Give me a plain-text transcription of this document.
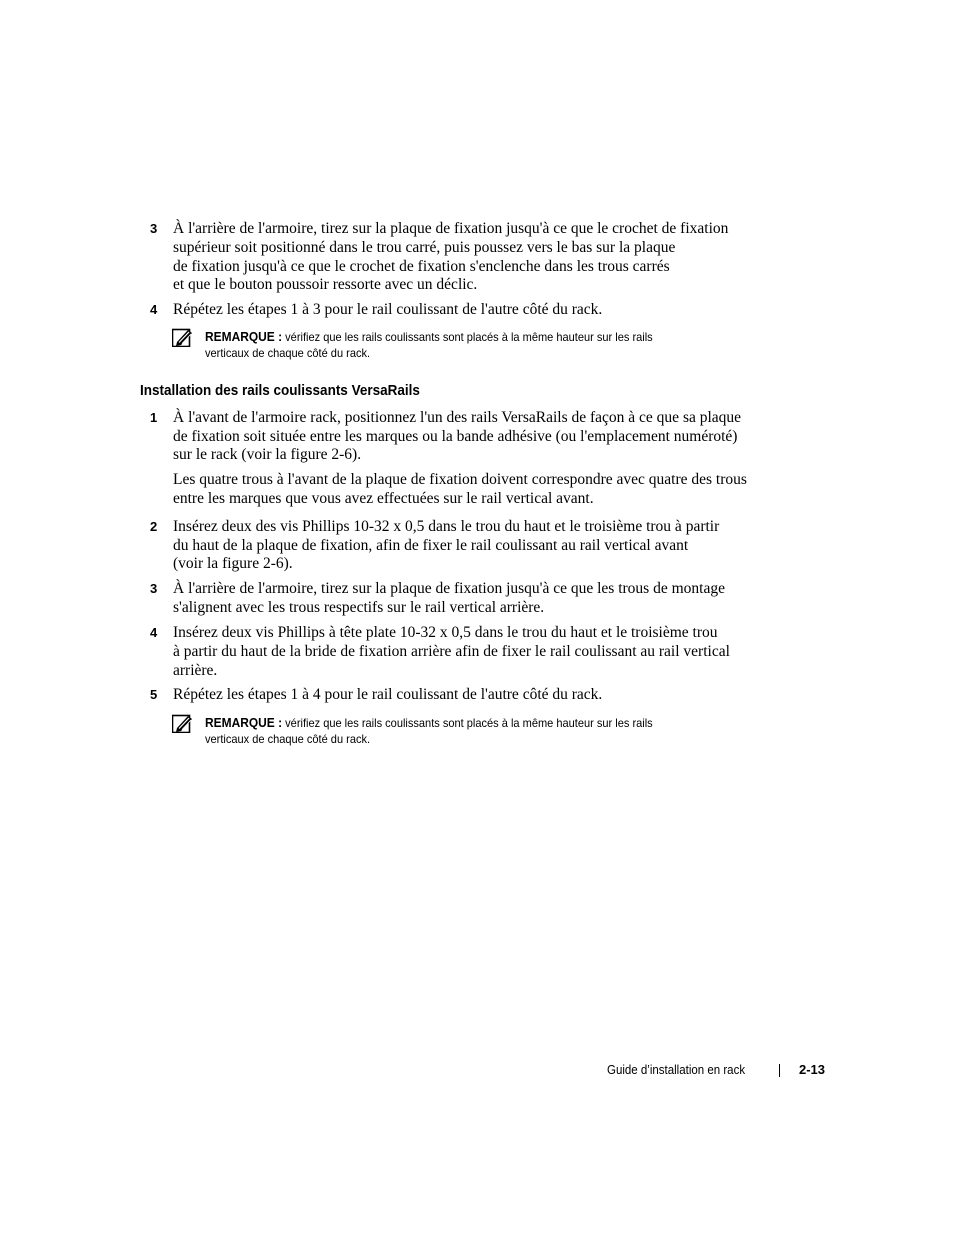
3 À l'arrière de l'armoire, tirez sur la plaque de fixation jusqu'à ce que le crochet de fixation
supérieur soit positionné dans le trou carré, puis poussez vers le bas sur la plaque
de fixation jusqu'à ce que le crochet de fixation s'enclenche dans les trous carrés
et que le bouton poussoir ressorte avec un déclic.
4 Répétez les étapes 1 à 3 pour le rail coulissant de l'autre côté du rack.
REMARQUE : vérifiez que les rails coulissants sont placés à la même hauteur sur les rails
verticaux de chaque côté du rack.
Installation des rails coulissants VersaRails
1 À l'avant de l'armoire rack, positionnez l'un des rails VersaRails de façon à ce que sa plaque
de fixation soit située entre les marques ou la bande adhésive (ou l'emplacement numéroté)
sur le rack (voir la figure 2-6).
Les quatre trous à l'avant de la plaque de fixation doivent correspondre avec quatre des trous
entre les marques que vous avez effectuées sur le rail vertical avant.
2 Insérez deux des vis Phillips 10-32 x 0,5 dans le trou du haut et le troisième trou à partir
du haut de la plaque de fixation, afin de fixer le rail coulissant au rail vertical avant
(voir la figure 2-6).
3 À l'arrière de l'armoire, tirez sur la plaque de fixation jusqu'à ce que les trous de montage
s'alignent avec les trous respectifs sur le rail vertical arrière.
4 Insérez deux vis Phillips à tête plate 10-32 x 0,5 dans le trou du haut et le troisième trou
à partir du haut de la bride de fixation arrière afin de fixer le rail coulissant au rail vertical
arrière.
5 Répétez les étapes 1 à 4 pour le rail coulissant de l'autre côté du rack.
REMARQUE : vérifiez que les rails coulissants sont placés à la même hauteur sur les rails
verticaux de chaque côté du rack.
Guide d’installation en rack	2-13
